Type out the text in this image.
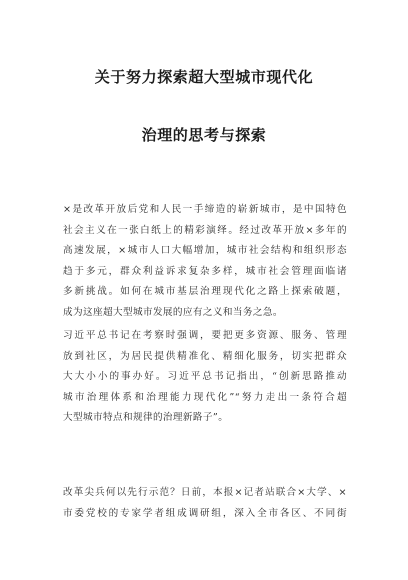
关于努力探索超大型城市现代化
治理的思考与探索
×是改革开放后党和人民一手缔造的崭新城市，是中国特色
社会主义在一张白纸上的精彩演绎。经过改革开放×多年的
高速发展，×城市人口大幅增加，城市社会结构和组织形态
趋于多元，群众利益诉求复杂多样，城市社会管理面临诸
多新挑战。如何在城市基层治理现代化之路上探索破题，
成为这座超大型城市发展的应有之义和当务之急。
习近平总书记在考察时强调，要把更多资源、服务、管理
放到社区，为居民提供精准化、精细化服务，切实把群众
大大小小的事办好。习近平总书记指出，“创新思路推动
城市治理体系和治理能力现代化”“努力走出一条符合超
大型城市特点和规律的治理新路子”。
改革尖兵何以先行示范？日前，本报×记者站联合×大学、×
市委党校的专家学者组成调研组，深入全市各区、不同街
